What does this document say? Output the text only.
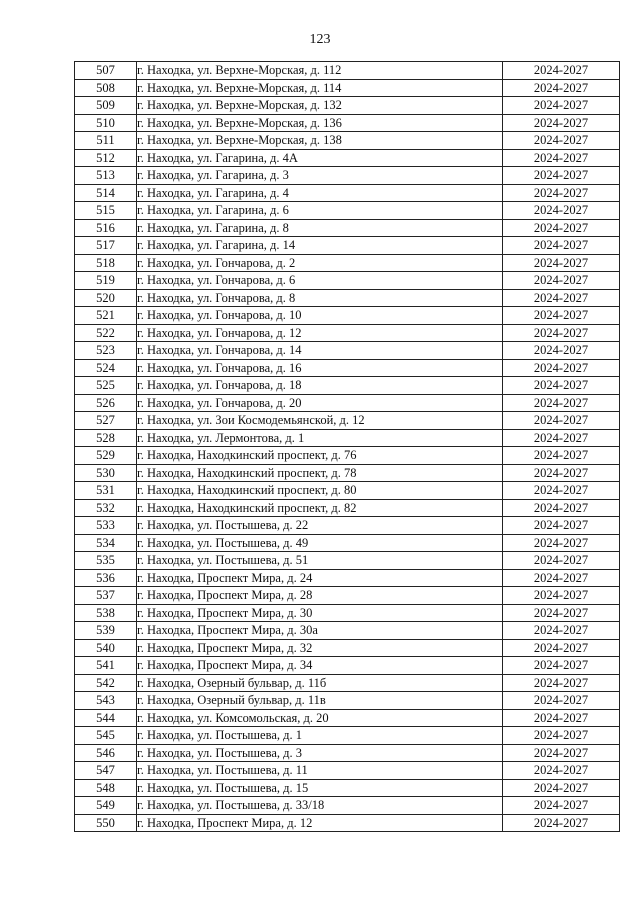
123
507	г. Находка, ул. Верхне-Морская, д. 112	2024-2027
508	г. Находка, ул. Верхне-Морская, д. 114	2024-2027
509	г. Находка, ул. Верхне-Морская, д. 132	2024-2027
510	г. Находка, ул. Верхне-Морская, д. 136	2024-2027
511	г. Находка, ул. Верхне-Морская, д. 138	2024-2027
512	г. Находка, ул. Гагарина, д. 4А	2024-2027
513	г. Находка, ул. Гагарина, д. 3	2024-2027
514	г. Находка, ул. Гагарина, д. 4	2024-2027
515	г. Находка, ул. Гагарина, д. 6	2024-2027
516	г. Находка, ул. Гагарина, д. 8	2024-2027
517	г. Находка, ул. Гагарина, д. 14	2024-2027
518	г. Находка, ул. Гончарова, д. 2	2024-2027
519	г. Находка, ул. Гончарова, д. 6	2024-2027
520	г. Находка, ул. Гончарова, д. 8	2024-2027
521	г. Находка, ул. Гончарова, д. 10	2024-2027
522	г. Находка, ул. Гончарова, д. 12	2024-2027
523	г. Находка, ул. Гончарова, д. 14	2024-2027
524	г. Находка, ул. Гончарова, д. 16	2024-2027
525	г. Находка, ул. Гончарова, д. 18	2024-2027
526	г. Находка, ул. Гончарова, д. 20	2024-2027
527	г. Находка, ул. Зои Космодемьянской, д. 12	2024-2027
528	г. Находка, ул. Лермонтова, д. 1	2024-2027
529	г. Находка, Находкинский проспект, д. 76	2024-2027
530	г. Находка, Находкинский проспект, д. 78	2024-2027
531	г. Находка, Находкинский проспект, д. 80	2024-2027
532	г. Находка, Находкинский проспект, д. 82	2024-2027
533	г. Находка, ул. Постышева, д. 22	2024-2027
534	г. Находка, ул. Постышева, д. 49	2024-2027
535	г. Находка, ул. Постышева, д. 51	2024-2027
536	г. Находка, Проспект Мира, д. 24	2024-2027
537	г. Находка, Проспект Мира, д. 28	2024-2027
538	г. Находка, Проспект Мира, д. 30	2024-2027
539	г. Находка, Проспект Мира, д. 30а	2024-2027
540	г. Находка, Проспект Мира, д. 32	2024-2027
541	г. Находка, Проспект Мира, д. 34	2024-2027
542	г. Находка, Озерный бульвар, д. 11б	2024-2027
543	г. Находка, Озерный бульвар, д. 11в	2024-2027
544	г. Находка, ул. Комсомольская, д. 20	2024-2027
545	г. Находка, ул. Постышева, д. 1	2024-2027
546	г. Находка, ул. Постышева, д. 3	2024-2027
547	г. Находка, ул. Постышева, д. 11	2024-2027
548	г. Находка, ул. Постышева, д. 15	2024-2027
549	г. Находка, ул. Постышева, д. 33/18	2024-2027
550	г. Находка, Проспект Мира, д. 12	2024-2027
